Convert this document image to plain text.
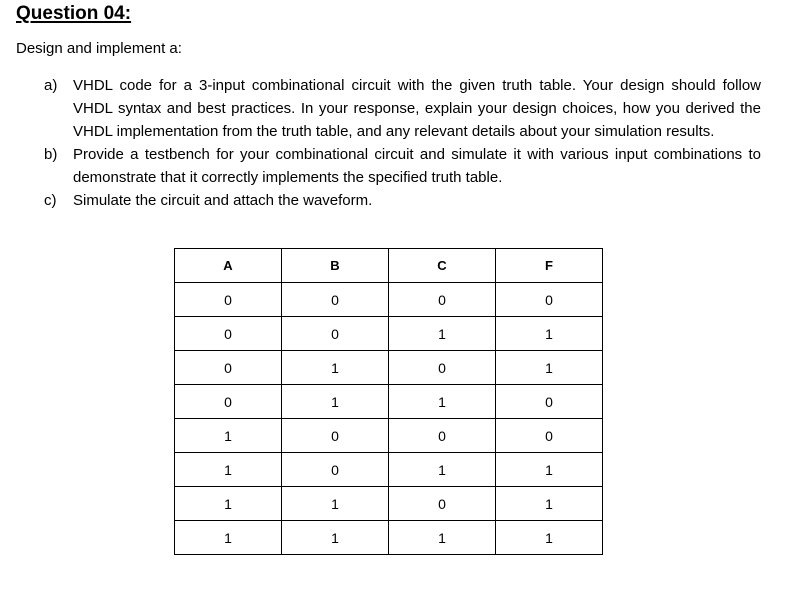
Question 04:
Design and implement a:
a)	VHDL code for a 3-input combinational circuit with the given truth table. Your design should follow VHDL syntax and best practices. In your response, explain your design choices, how you derived the VHDL implementation from the truth table, and any relevant details about your simulation results.
b)	Provide a testbench for your combinational circuit and simulate it with various input combinations to demonstrate that it correctly implements the specified truth table.
c)	Simulate the circuit and attach the waveform.
A	B	C	F
0	0	0	0
0	0	1	1
0	1	0	1
0	1	1	0
1	0	0	0
1	0	1	1
1	1	0	1
1	1	1	1
